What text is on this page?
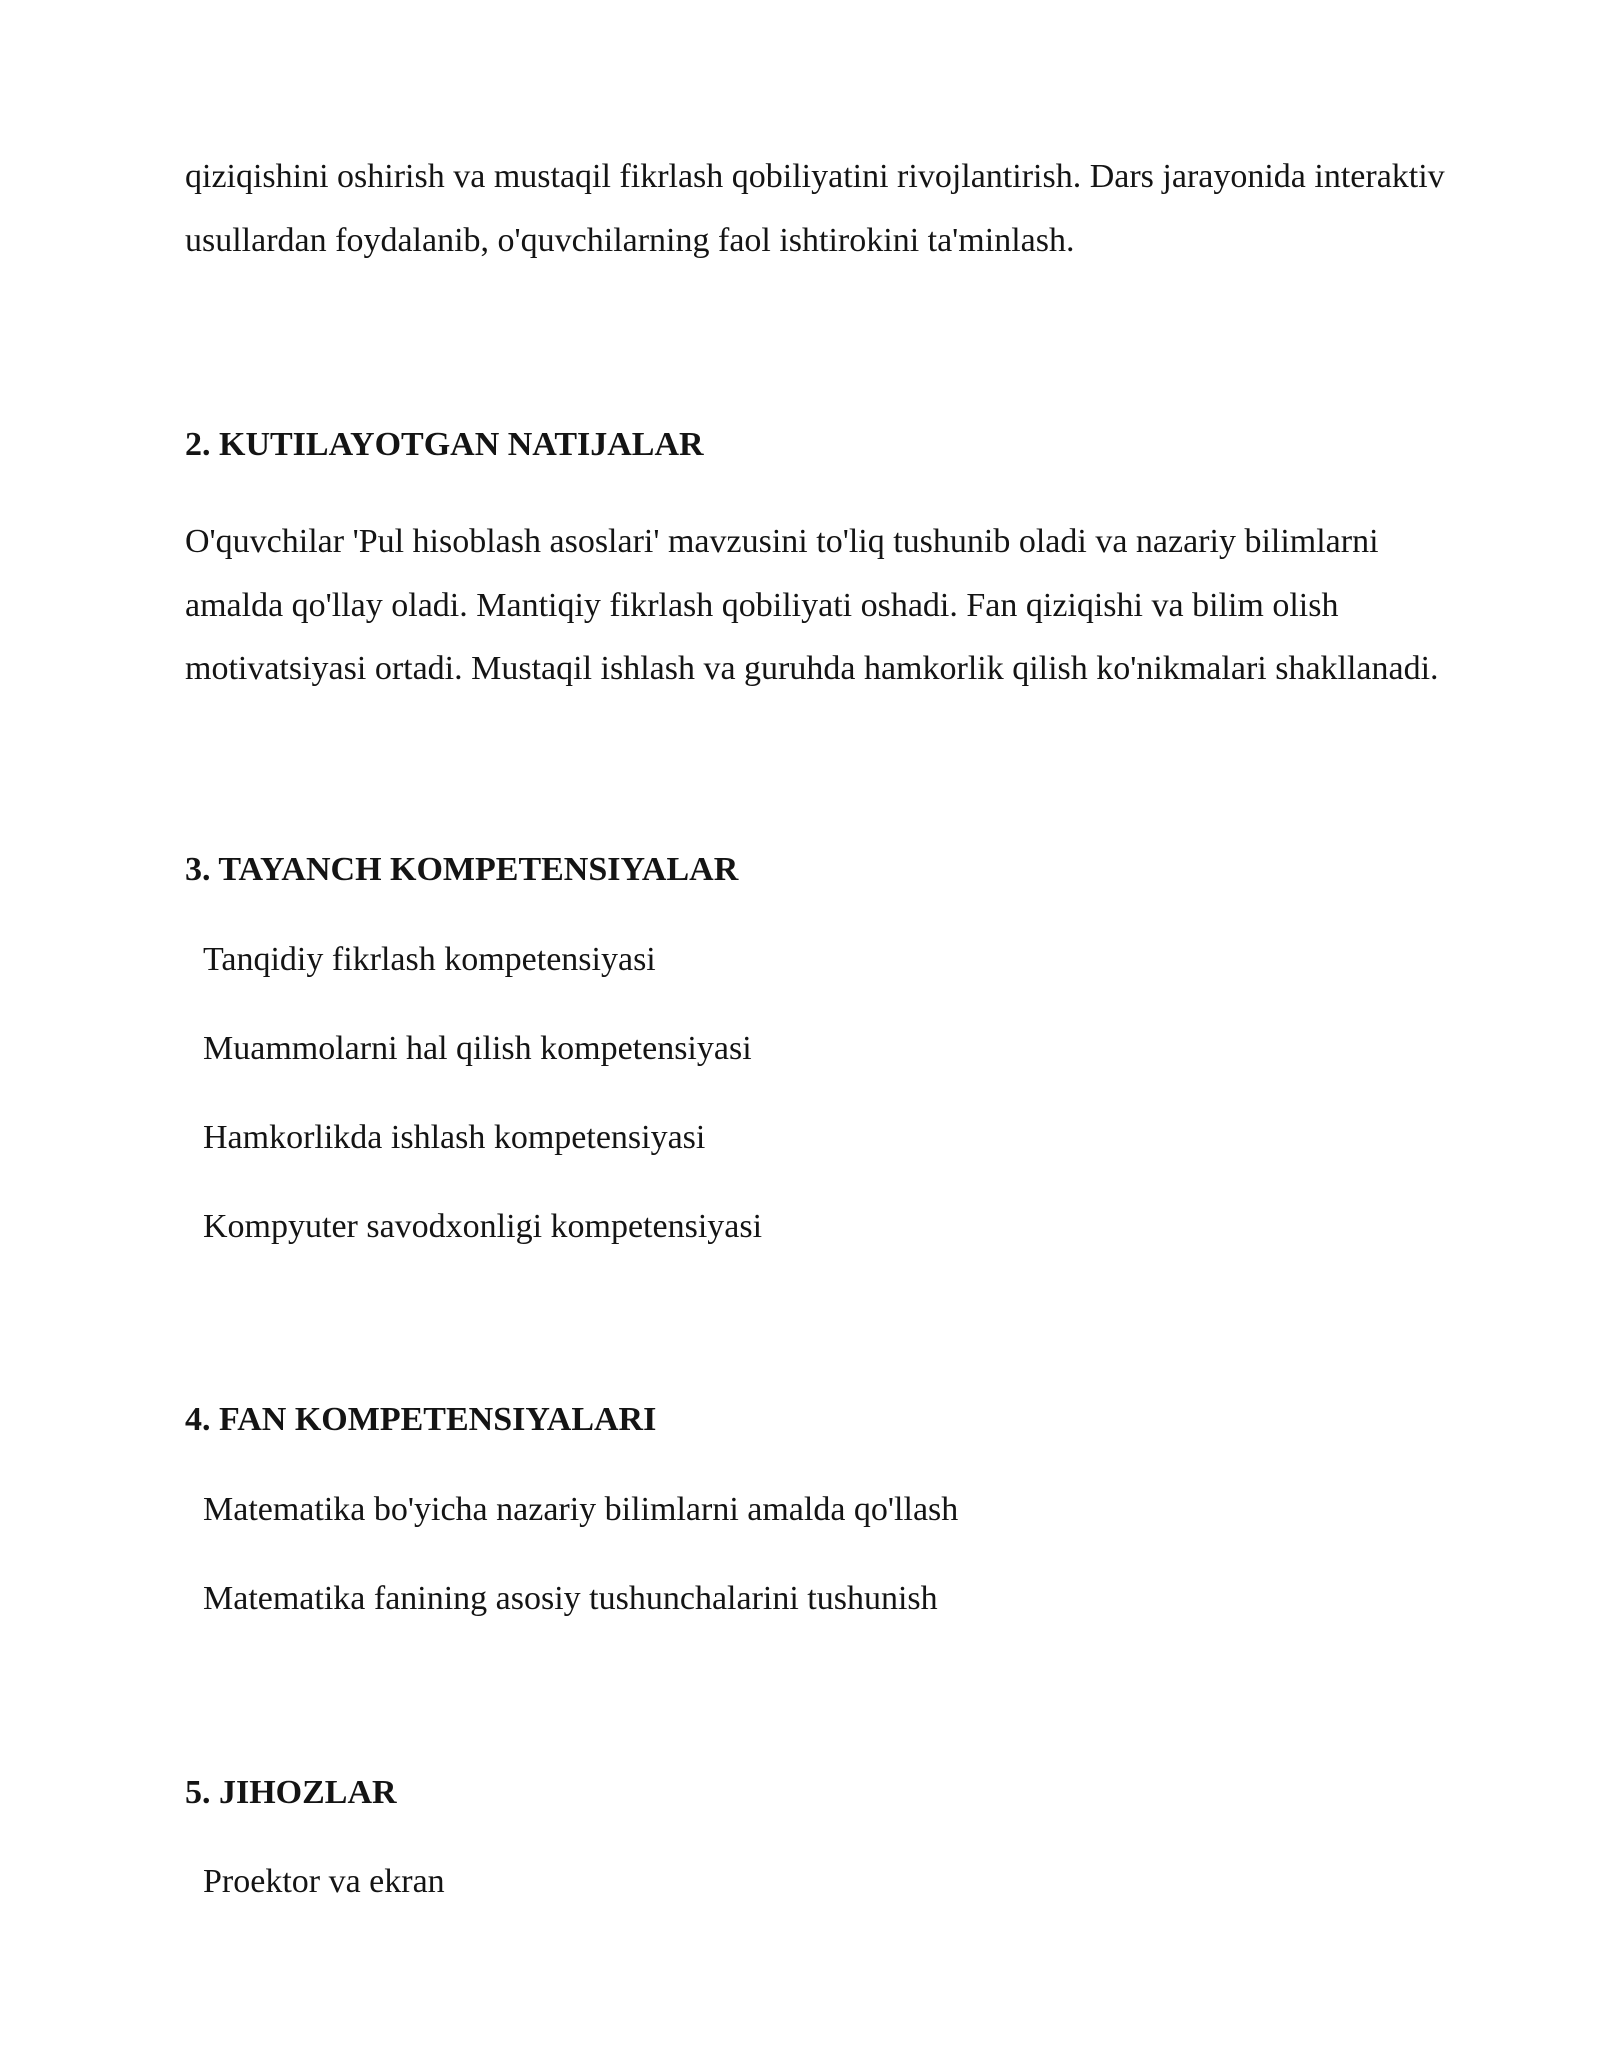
qiziqishini oshirish va mustaqil fikrlash qobiliyatini rivojlantirish. Dars jarayonida interaktiv usullardan foydalanib, o'quvchilarning faol ishtirokini ta'minlash.

2. KUTILAYOTGAN NATIJALAR

O'quvchilar 'Pul hisoblash asoslari' mavzusini to'liq tushunib oladi va nazariy bilimlarni amalda qo'llay oladi. Mantiqiy fikrlash qobiliyati oshadi. Fan qiziqishi va bilim olish motivatsiyasi ortadi. Mustaqil ishlash va guruhda hamkorlik qilish ko'nikmalari shakllanadi.

3. TAYANCH KOMPETENSIYALAR
Tanqidiy fikrlash kompetensiyasi
Muammolarni hal qilish kompetensiyasi
Hamkorlikda ishlash kompetensiyasi
Kompyuter savodxonligi kompetensiyasi
4. FAN KOMPETENSIYALARI
Matematika bo'yicha nazariy bilimlarni amalda qo'llash
Matematika fanining asosiy tushunchalarini tushunish
5. JIHOZLAR
Proektor va ekran
